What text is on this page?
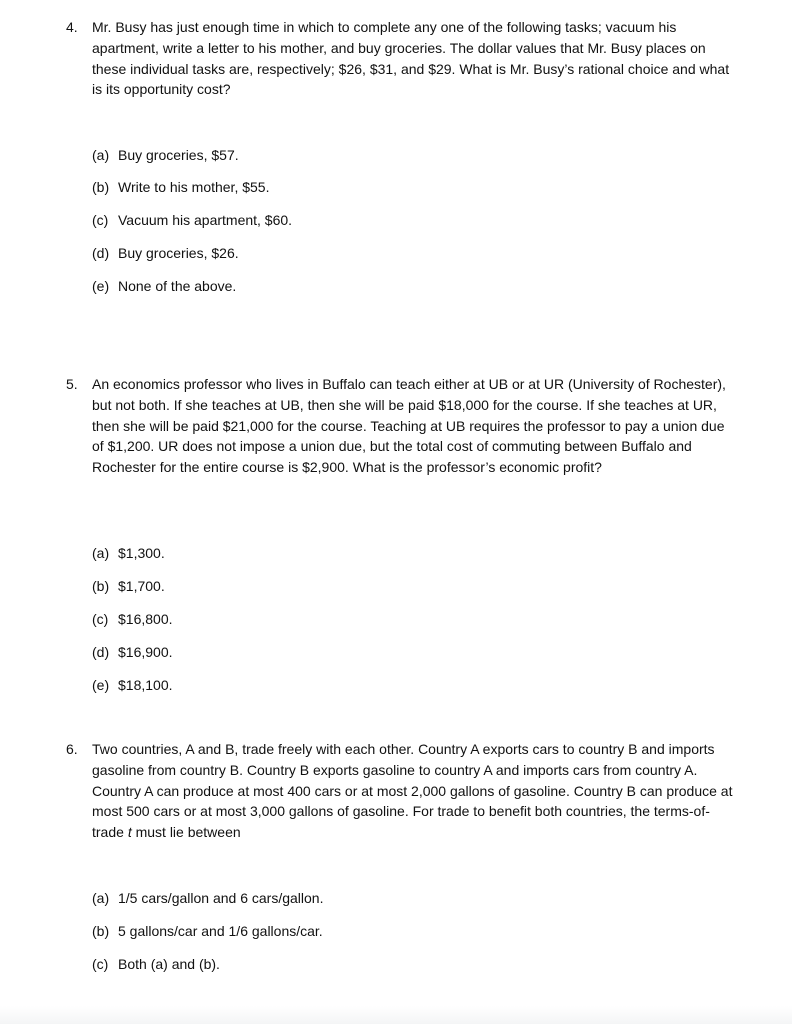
4. Mr. Busy has just enough time in which to complete any one of the following tasks; vacuum his apartment, write a letter to his mother, and buy groceries. The dollar values that Mr. Busy places on these individual tasks are, respectively; $26, $31, and $29. What is Mr. Busy’s rational choice and what is its opportunity cost?
(a) Buy groceries, $57.
(b) Write to his mother, $55.
(c) Vacuum his apartment, $60.
(d) Buy groceries, $26.
(e) None of the above.
5. An economics professor who lives in Buffalo can teach either at UB or at UR (University of Rochester), but not both. If she teaches at UB, then she will be paid $18,000 for the course. If she teaches at UR, then she will be paid $21,000 for the course. Teaching at UB requires the professor to pay a union due of $1,200. UR does not impose a union due, but the total cost of commuting between Buffalo and Rochester for the entire course is $2,900. What is the professor’s economic profit?
(a) $1,300.
(b) $1,700.
(c) $16,800.
(d) $16,900.
(e) $18,100.
6. Two countries, A and B, trade freely with each other. Country A exports cars to country B and imports gasoline from country B. Country B exports gasoline to country A and imports cars from country A. Country A can produce at most 400 cars or at most 2,000 gallons of gasoline. Country B can produce at most 500 cars or at most 3,000 gallons of gasoline. For trade to benefit both countries, the terms-of-trade t must lie between
(a) 1/5 cars/gallon and 6 cars/gallon.
(b) 5 gallons/car and 1/6 gallons/car.
(c) Both (a) and (b).
